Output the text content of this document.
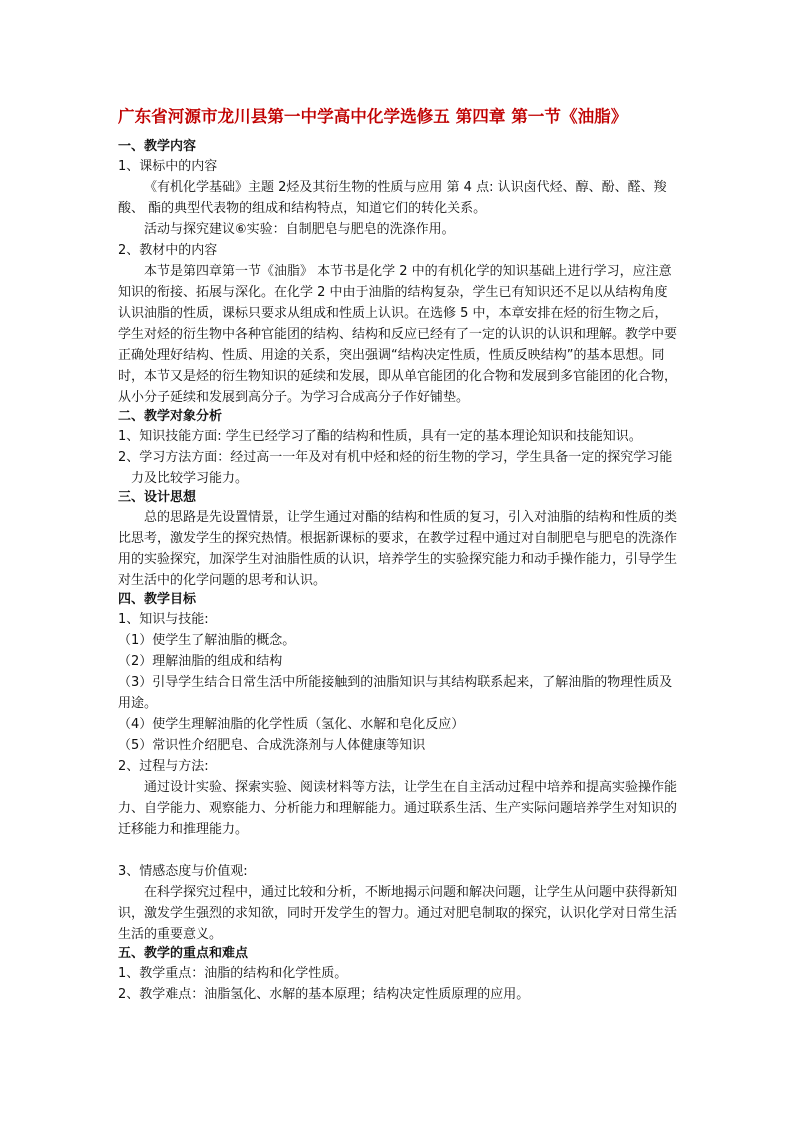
广东省河源市龙川县第一中学高中化学选修五 第四章 第一节《油脂》
一、教学内容
1、课标中的内容
《有机化学基础》主题 2烃及其衍生物的性质与应用 第 4 点: 认识卤代烃、醇、酚、醛、羧酸、 酯的典型代表物的组成和结构特点，知道它们的转化关系。
活动与探究建议⑥实验：自制肥皂与肥皂的洗涤作用。
2、教材中的内容
本节是第四章第一节《油脂》 本节书是化学 2 中的有机化学的知识基础上进行学习，应注意知识的衔接、拓展与深化。在化学 2 中由于油脂的结构复杂，学生已有知识还不足以从结构角度认识油脂的性质，课标只要求从组成和性质上认识。在选修 5 中，本章安排在烃的衍生物之后，学生对烃的衍生物中各种官能团的结构、结构和反应已经有了一定的认识的认识和理解。教学中要正确处理好结构、性质、用途的关系，突出强调“结构决定性质，性质反映结构”的基本思想。同时，本节又是烃的衍生物知识的延续和发展，即从单官能团的化合物和发展到多官能团的化合物，从小分子延续和发展到高分子。为学习合成高分子作好铺垫。
二、教学对象分析
1、知识技能方面: 学生已经学习了酯的结构和性质，具有一定的基本理论知识和技能知识。
2、学习方法方面：经过高一一年及对有机中烃和烃的衍生物的学习，学生具备一定的探究学习能力及比较学习能力。
三、设计思想
总的思路是先设置情景，让学生通过对酯的结构和性质的复习，引入对油脂的结构和性质的类比思考，激发学生的探究热情。根据新课标的要求，在教学过程中通过对自制肥皂与肥皂的洗涤作用的实验探究，加深学生对油脂性质的认识，培养学生的实验探究能力和动手操作能力，引导学生对生活中的化学问题的思考和认识。
四、教学目标
1、知识与技能:
（1）使学生了解油脂的概念。
（2）理解油脂的组成和结构
（3）引导学生结合日常生活中所能接触到的油脂知识与其结构联系起来，了解油脂的物理性质及用途。
（4）使学生理解油脂的化学性质（氢化、水解和皂化反应）
（5）常识性介绍肥皂、合成洗涤剂与人体健康等知识
2、过程与方法:
通过设计实验、探索实验、阅读材料等方法，让学生在自主活动过程中培养和提高实验操作能力、自学能力、观察能力、分析能力和理解能力。通过联系生活、生产实际问题培养学生对知识的迁移能力和推理能力。
3、情感态度与价值观:
在科学探究过程中，通过比较和分析，不断地揭示问题和解决问题，让学生从问题中获得新知识，激发学生强烈的求知欲，同时开发学生的智力。通过对肥皂制取的探究，认识化学对日常生活生活的重要意义。
五、教学的重点和难点
1、教学重点：油脂的结构和化学性质。
2、教学难点：油脂氢化、水解的基本原理；结构决定性质原理的应用。
